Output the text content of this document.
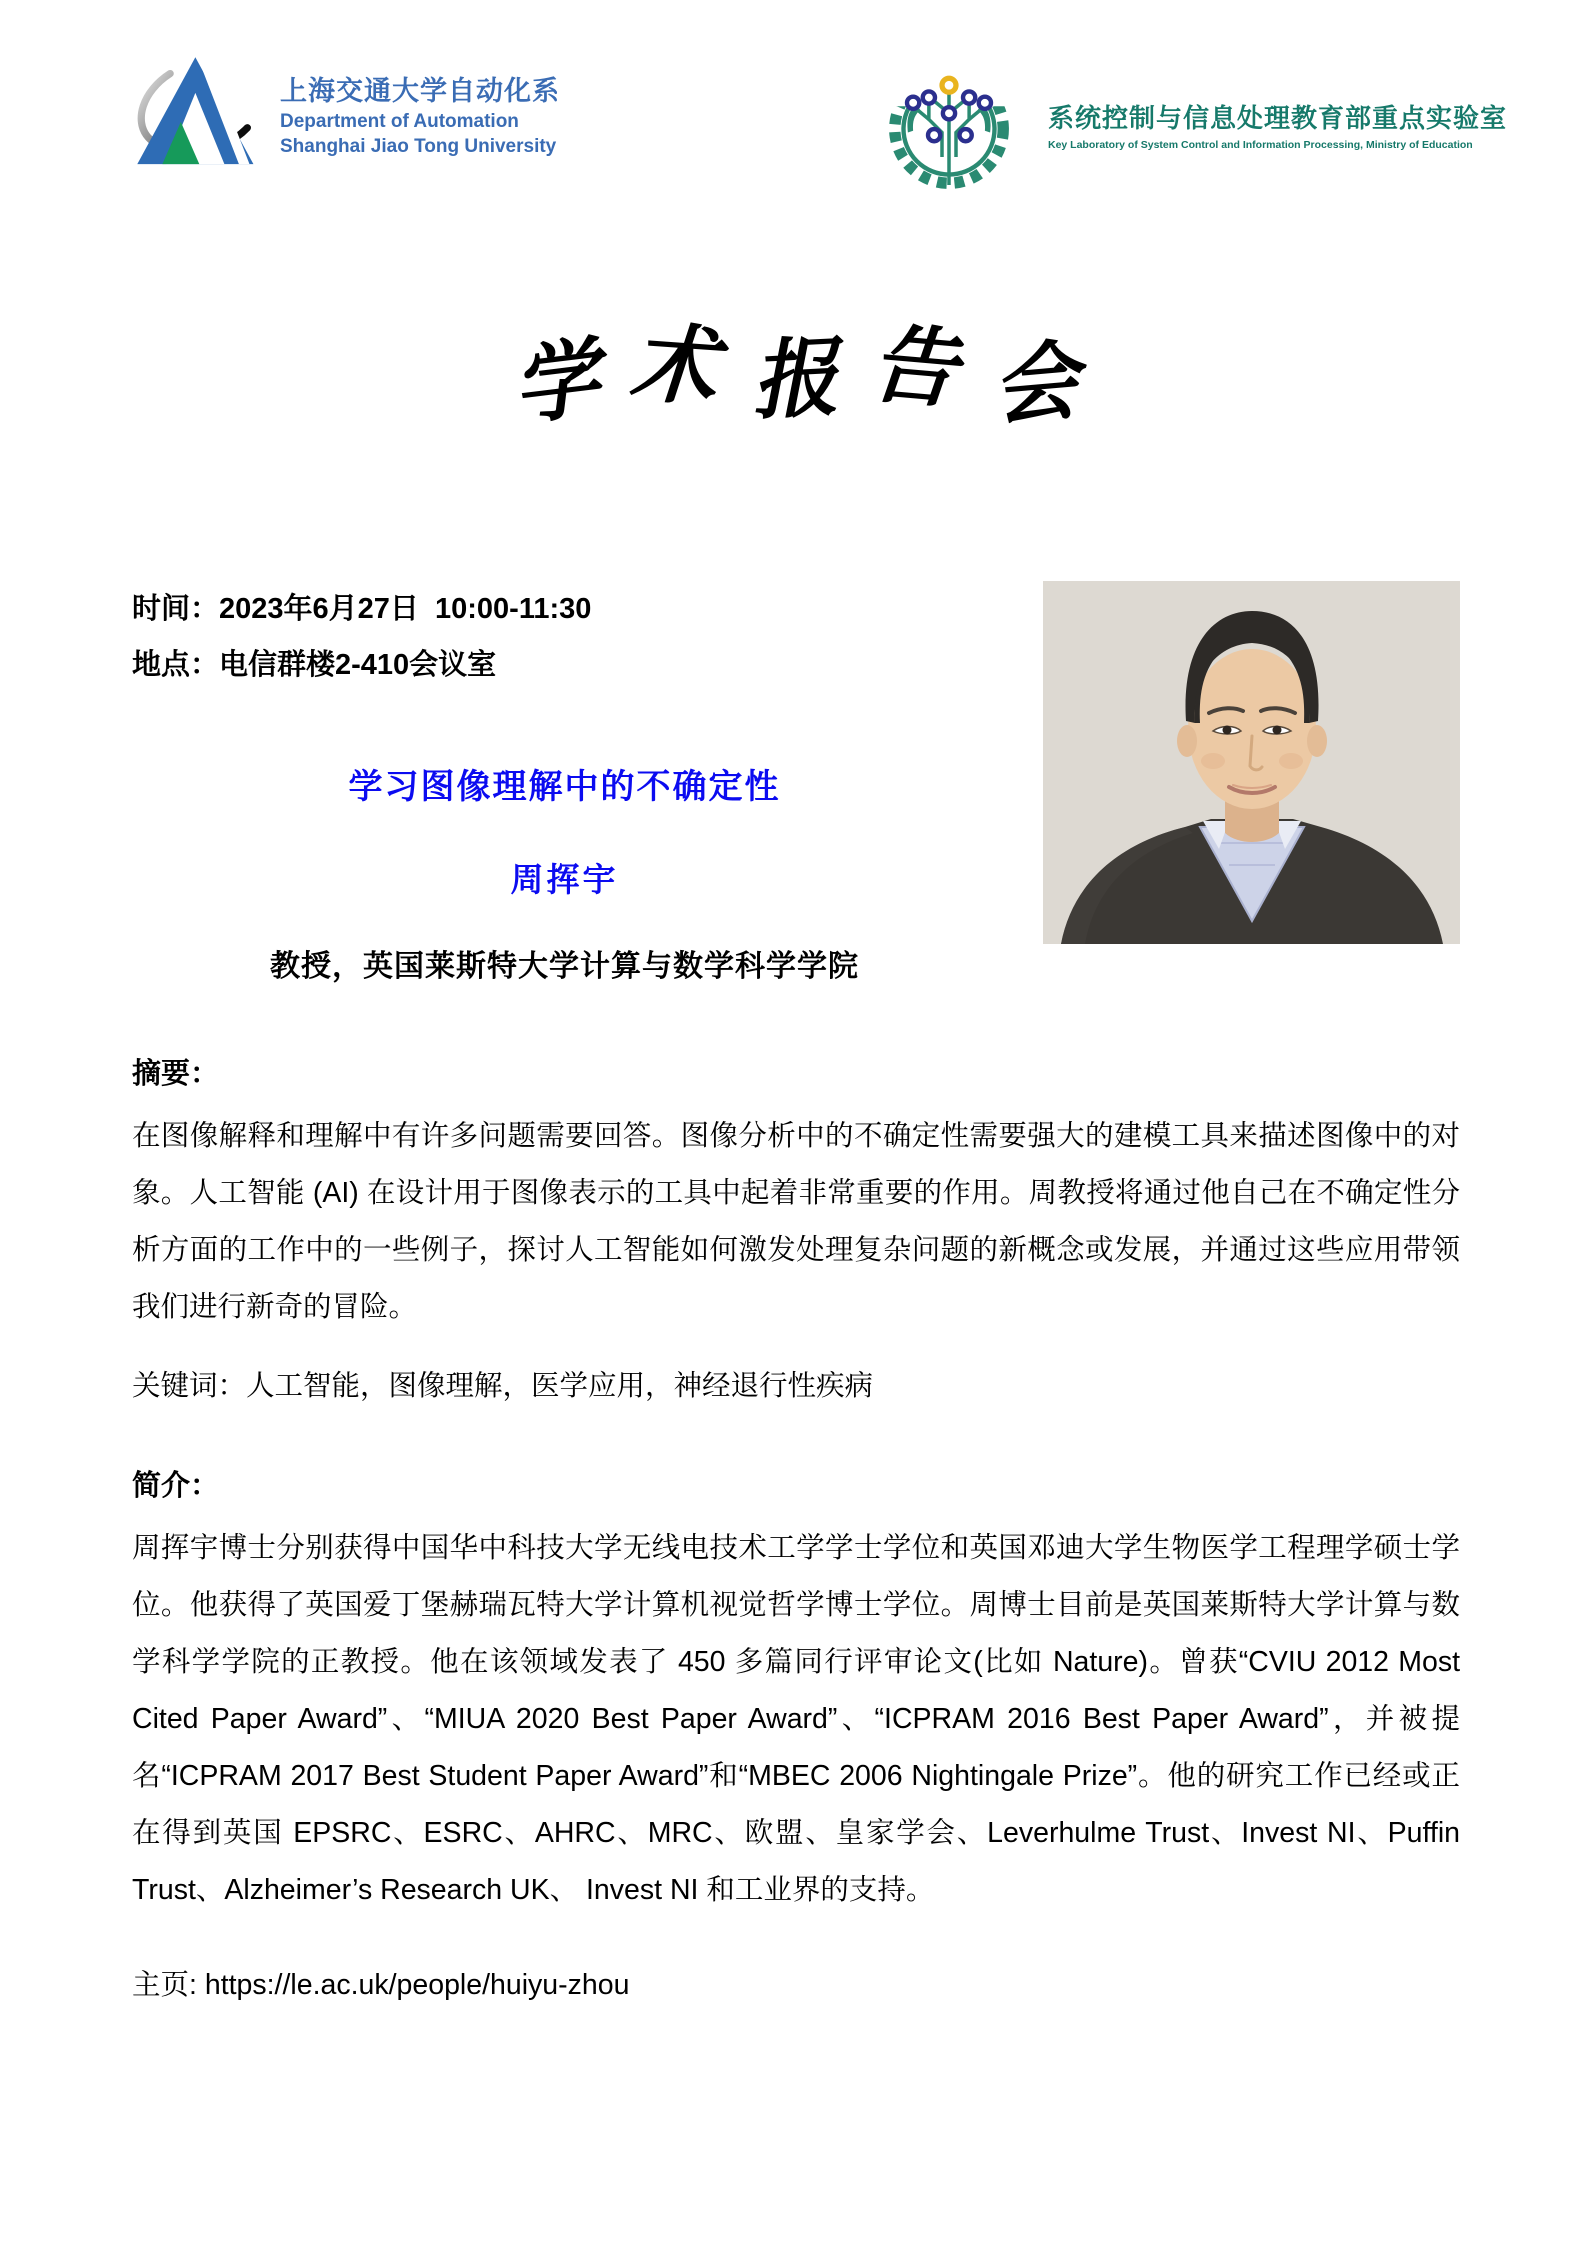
上海交通大学自动化系
Department of Automation
Shanghai Jiao Tong University
系统控制与信息处理教育部重点实验室
Key Laboratory of System Control and Information Processing, Ministry of Education
学术报告会
时间：2023年6月27日  10:00-11:30
地点：电信群楼2-410会议室
学习图像理解中的不确定性
周挥宇
教授，英国莱斯特大学计算与数学科学学院
摘要：
在图像解释和理解中有许多问题需要回答。图像分析中的不确定性需要强大的建模工具来描述图像中的对象。人工智能 (AI) 在设计用于图像表示的工具中起着非常重要的作用。周教授将通过他自己在不确定性分析方面的工作中的一些例子，探讨人工智能如何激发处理复杂问题的新概念或发展，并通过这些应用带领我们进行新奇的冒险。
关键词：人工智能，图像理解，医学应用，神经退行性疾病
简介：
周挥宇博士分别获得中国华中科技大学无线电技术工学学士学位和英国邓迪大学生物医学工程理学硕士学位。他获得了英国爱丁堡赫瑞瓦特大学计算机视觉哲学博士学位。周博士目前是英国莱斯特大学计算与数学科学学院的正教授。他在该领域发表了 450 多篇同行评审论文(比如 Nature)。曾获“CVIU 2012 Most Cited Paper Award”、“MIUA 2020 Best Paper Award”、“ICPRAM 2016 Best Paper Award”，并被提名“ICPRAM 2017 Best Student Paper Award”和“MBEC 2006 Nightingale Prize”。他的研究工作已经或正在得到英国 EPSRC、ESRC、AHRC、MRC、欧盟、皇家学会、Leverhulme Trust、Invest NI、Puffin Trust、Alzheimer’s Research UK、 Invest NI 和工业界的支持。
主页: https://le.ac.uk/people/huiyu-zhou
